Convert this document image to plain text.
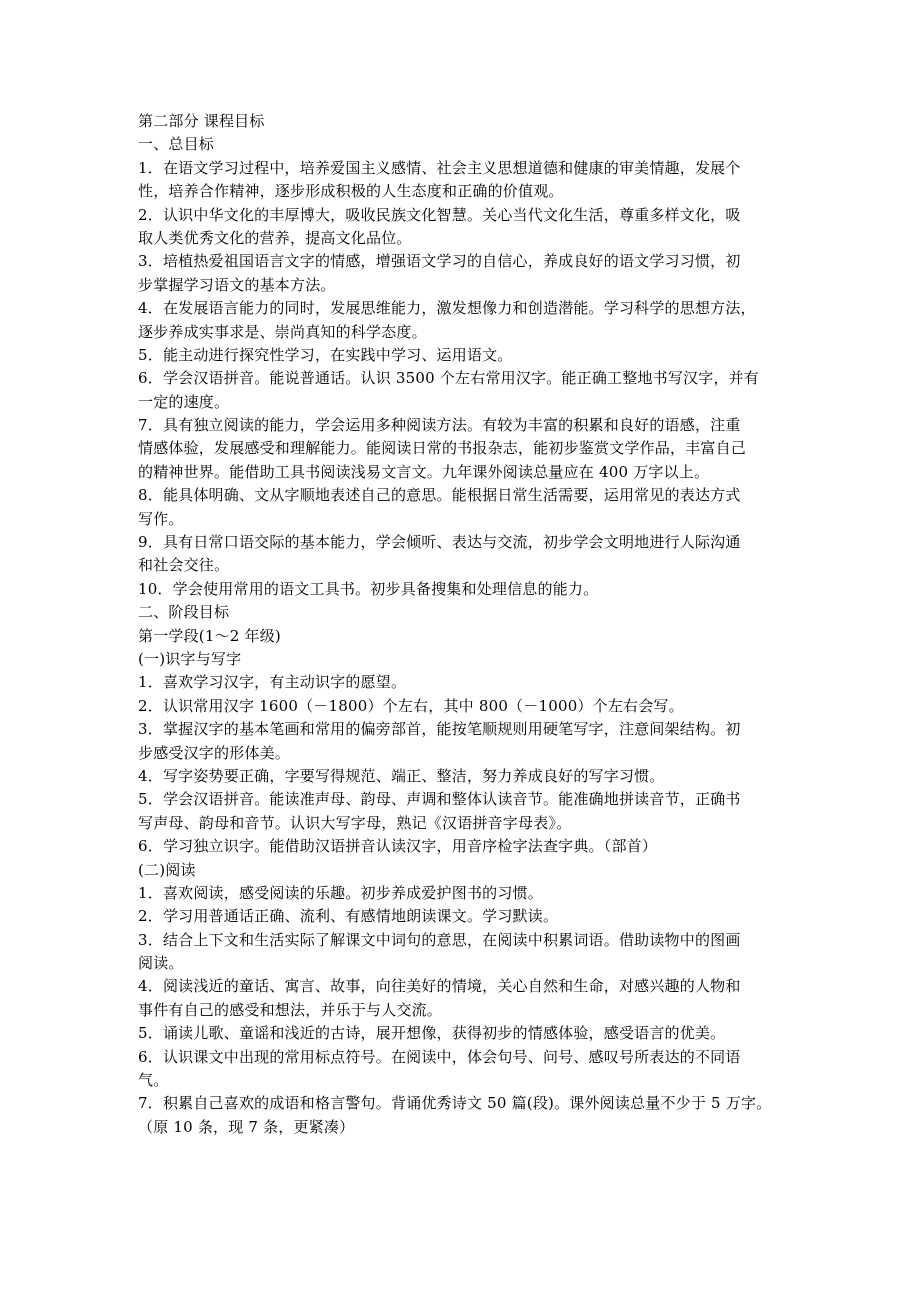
第二部分 课程目标
一、总目标
1．在语文学习过程中，培养爱国主义感情、社会主义思想道德和健康的审美情趣，发展个
性，培养合作精神，逐步形成积极的人生态度和正确的价值观。
2．认识中华文化的丰厚博大，吸收民族文化智慧。关心当代文化生活，尊重多样文化，吸
取人类优秀文化的营养，提高文化品位。
3．培植热爱祖国语言文字的情感，增强语文学习的自信心，养成良好的语文学习习惯，初
步掌握学习语文的基本方法。
4．在发展语言能力的同时，发展思维能力，激发想像力和创造潜能。学习科学的思想方法，
逐步养成实事求是、崇尚真知的科学态度。
5．能主动进行探究性学习，在实践中学习、运用语文。
6．学会汉语拼音。能说普通话。认识 3500 个左右常用汉字。能正确工整地书写汉字，并有
一定的速度。
7．具有独立阅读的能力，学会运用多种阅读方法。有较为丰富的积累和良好的语感，注重
情感体验，发展感受和理解能力。能阅读日常的书报杂志，能初步鉴赏文学作品，丰富自己
的精神世界。能借助工具书阅读浅易文言文。九年课外阅读总量应在 400 万字以上。
8．能具体明确、文从字顺地表述自己的意思。能根据日常生活需要，运用常见的表达方式
写作。
9．具有日常口语交际的基本能力，学会倾听、表达与交流，初步学会文明地进行人际沟通
和社会交往。
10．学会使用常用的语文工具书。初步具备搜集和处理信息的能力。
二、阶段目标
第一学段(1～2 年级)
(一)识字与写字
1．喜欢学习汉字，有主动识字的愿望。
2．认识常用汉字 1600（－1800）个左右，其中 800（－1000）个左右会写。
3．掌握汉字的基本笔画和常用的偏旁部首，能按笔顺规则用硬笔写字，注意间架结构。初
步感受汉字的形体美。
4．写字姿势要正确，字要写得规范、端正、整洁，努力养成良好的写字习惯。
5．学会汉语拼音。能读准声母、韵母、声调和整体认读音节。能准确地拼读音节，正确书
写声母、韵母和音节。认识大写字母，熟记《汉语拼音字母表》。
6．学习独立识字。能借助汉语拼音认读汉字，用音序检字法查字典。（部首）
(二)阅读
1．喜欢阅读，感受阅读的乐趣。初步养成爱护图书的习惯。
2．学习用普通话正确、流利、有感情地朗读课文。学习默读。
3．结合上下文和生活实际了解课文中词句的意思，在阅读中积累词语。借助读物中的图画
阅读。
4．阅读浅近的童话、寓言、故事，向往美好的情境，关心自然和生命，对感兴趣的人物和
事件有自己的感受和想法，并乐于与人交流。
5．诵读儿歌、童谣和浅近的古诗，展开想像，获得初步的情感体验，感受语言的优美。
6．认识课文中出现的常用标点符号。在阅读中，体会句号、问号、感叹号所表达的不同语
气。
7．积累自己喜欢的成语和格言警句。背诵优秀诗文 50 篇(段)。课外阅读总量不少于 5 万字。
（原 10 条，现 7 条，更紧凑）
